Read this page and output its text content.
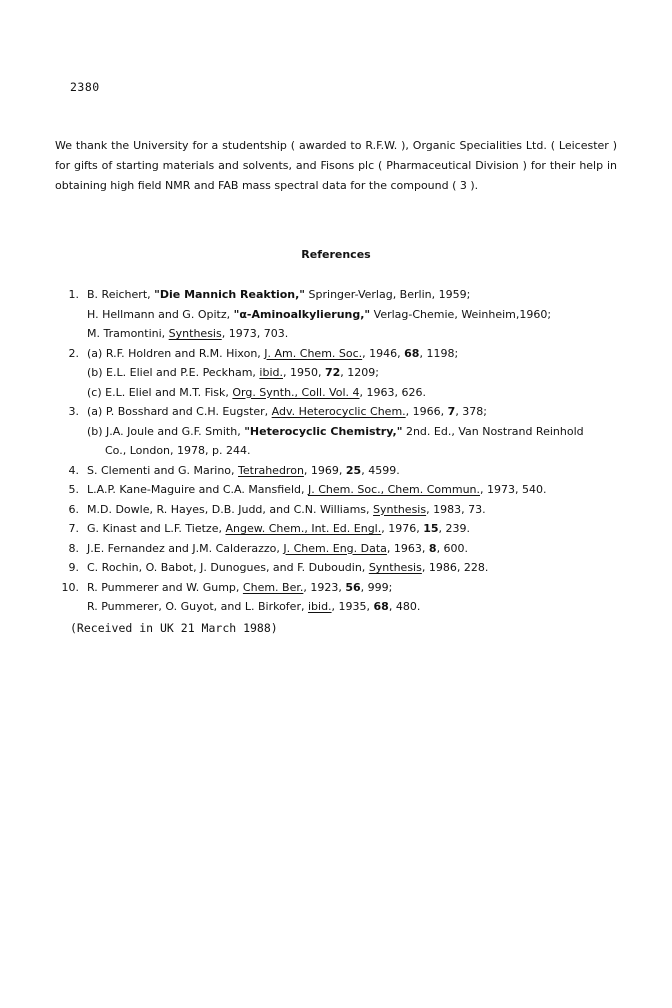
2380

We thank the University for a studentship ( awarded to R.F.W. ), Organic Specialities Ltd. ( Leicester ) for gifts of starting materials and solvents, and Fisons plc ( Pharmaceutical Division ) for their help in obtaining high field NMR and FAB mass spectral data for the compound ( 3 ).

References
1. B. Reichert, "Die Mannich Reaktion," Springer-Verlag, Berlin, 1959;
H. Hellmann and G. Opitz, "α-Aminoalkylierung," Verlag-Chemie, Weinheim,1960;
M. Tramontini, Synthesis, 1973, 703.
2. (a) R.F. Holdren and R.M. Hixon, J. Am. Chem. Soc., 1946, 68, 1198;
(b) E.L. Eliel and P.E. Peckham, ibid., 1950, 72, 1209;
(c) E.L. Eliel and M.T. Fisk, Org. Synth., Coll. Vol. 4, 1963, 626.
3. (a) P. Bosshard and C.H. Eugster, Adv. Heterocyclic Chem., 1966, 7, 378;
(b) J.A. Joule and G.F. Smith, "Heterocyclic Chemistry," 2nd. Ed., Van Nostrand Reinhold
Co., London, 1978, p. 244.
4. S. Clementi and G. Marino, Tetrahedron, 1969, 25, 4599.
5. L.A.P. Kane-Maguire and C.A. Mansfield, J. Chem. Soc., Chem. Commun., 1973, 540.
6. M.D. Dowle, R. Hayes, D.B. Judd, and C.N. Williams, Synthesis, 1983, 73.
7. G. Kinast and L.F. Tietze, Angew. Chem., Int. Ed. Engl., 1976, 15, 239.
8. J.E. Fernandez and J.M. Calderazzo, J. Chem. Eng. Data, 1963, 8, 600.
9. C. Rochin, O. Babot, J. Dunogues, and F. Duboudin, Synthesis, 1986, 228.
10. R. Pummerer and W. Gump, Chem. Ber., 1923, 56, 999;
R. Pummerer, O. Guyot, and L. Birkofer, ibid., 1935, 68, 480.
(Received in UK 21 March 1988)
